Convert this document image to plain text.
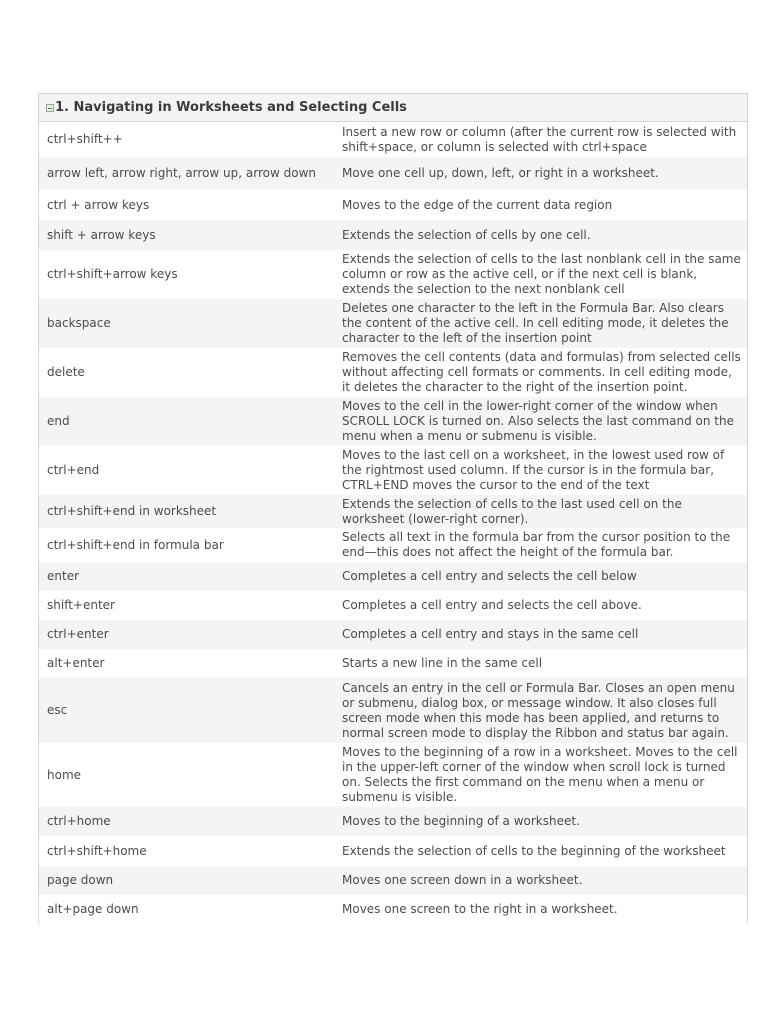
1. Navigating in Worksheets and Selecting Cells
ctrl+shift++	Insert a new row or column (after the current row is selected with shift+space, or column is selected with ctrl+space
arrow left, arrow right, arrow up, arrow down	Move one cell up, down, left, or right in a worksheet.
ctrl + arrow keys	Moves to the edge of the current data region
shift + arrow keys	Extends the selection of cells by one cell.
ctrl+shift+arrow keys	Extends the selection of cells to the last nonblank cell in the same column or row as the active cell, or if the next cell is blank, extends the selection to the next nonblank cell
backspace	Deletes one character to the left in the Formula Bar. Also clears the content of the active cell. In cell editing mode, it deletes the character to the left of the insertion point
delete	Removes the cell contents (data and formulas) from selected cells without affecting cell formats or comments. In cell editing mode, it deletes the character to the right of the insertion point.
end	Moves to the cell in the lower-right corner of the window when SCROLL LOCK is turned on. Also selects the last command on the menu when a menu or submenu is visible.
ctrl+end	Moves to the last cell on a worksheet, in the lowest used row of the rightmost used column. If the cursor is in the formula bar, CTRL+END moves the cursor to the end of the text
ctrl+shift+end in worksheet	Extends the selection of cells to the last used cell on the worksheet (lower-right corner).
ctrl+shift+end in formula bar	Selects all text in the formula bar from the cursor position to the end—this does not affect the height of the formula bar.
enter	Completes a cell entry and selects the cell below
shift+enter	Completes a cell entry and selects the cell above.
ctrl+enter	Completes a cell entry and stays in the same cell
alt+enter	Starts a new line in the same cell
esc	Cancels an entry in the cell or Formula Bar. Closes an open menu or submenu, dialog box, or message window. It also closes full screen mode when this mode has been applied, and returns to normal screen mode to display the Ribbon and status bar again.
home	Moves to the beginning of a row in a worksheet. Moves to the cell in the upper-left corner of the window when scroll lock is turned on. Selects the first command on the menu when a menu or submenu is visible.
ctrl+home	Moves to the beginning of a worksheet.
ctrl+shift+home	Extends the selection of cells to the beginning of the worksheet
page down	Moves one screen down in a worksheet.
alt+page down	Moves one screen to the right in a worksheet.
